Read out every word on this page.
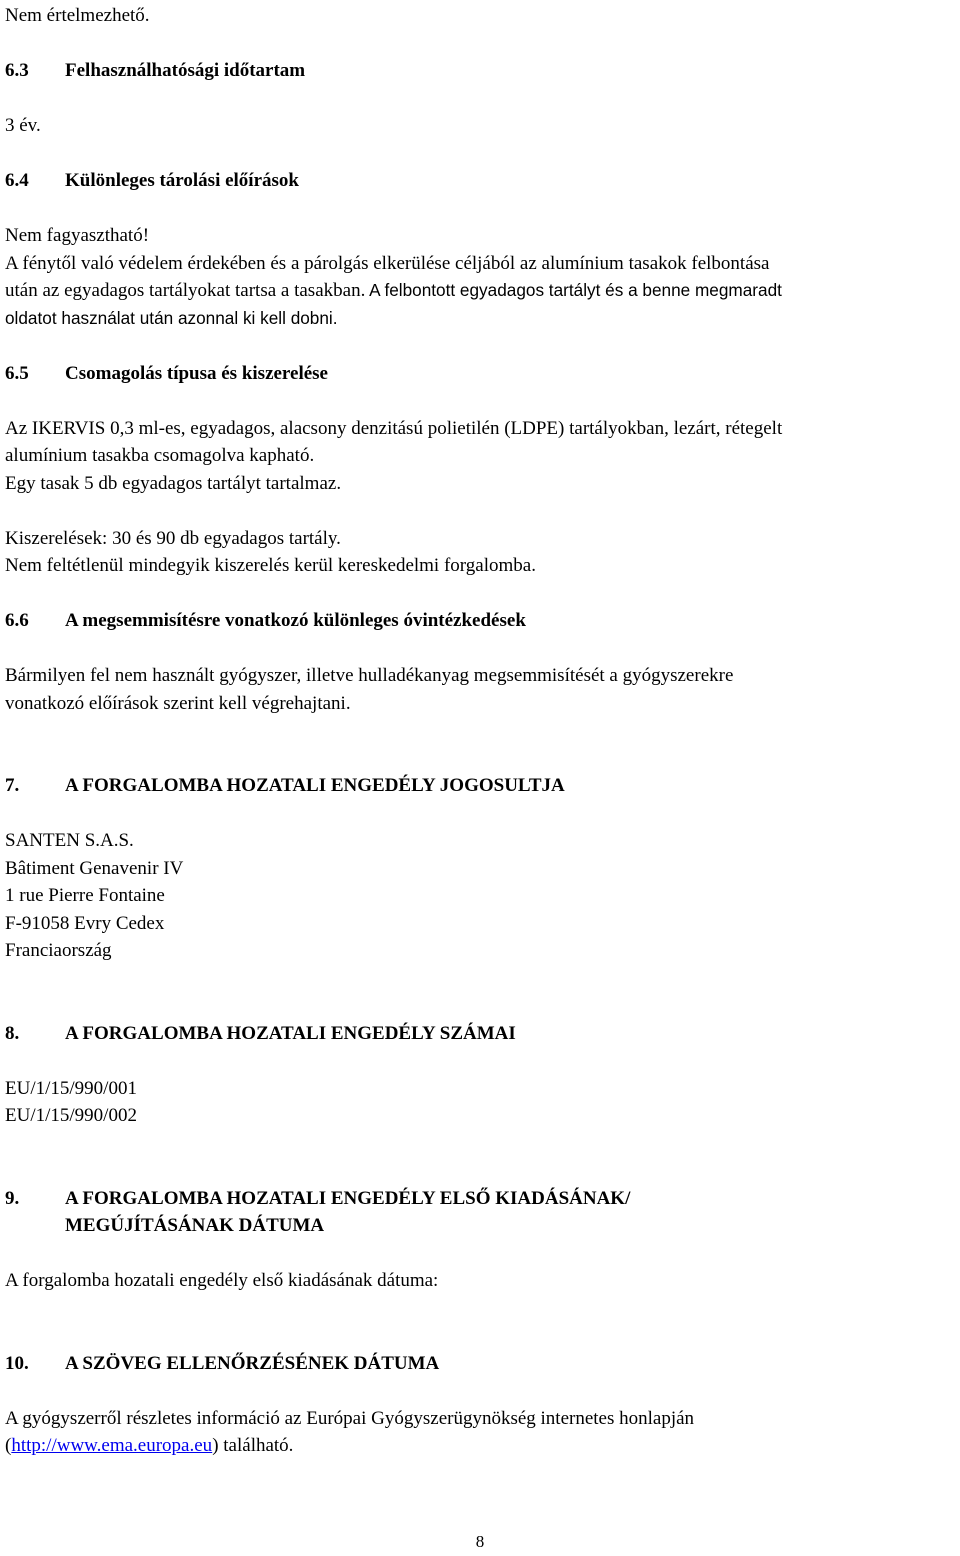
Nem értelmezhető.
6.3	Felhasználhatósági időtartam
3 év.
6.4	Különleges tárolási előírások
Nem fagyasztható!
A fénytől való védelem érdekében és a párolgás elkerülése céljából az alumínium tasakok felbontása
után az egyadagos tartályokat tartsa a tasakban. A felbontott egyadagos tartályt és a benne megmaradt
oldatot használat után azonnal ki kell dobni.
6.5	Csomagolás típusa és kiszerelése
Az IKERVIS 0,3 ml-es, egyadagos, alacsony denzitású polietilén (LDPE) tartályokban, lezárt, rétegelt
alumínium tasakba csomagolva kapható.
Egy tasak 5 db egyadagos tartályt tartalmaz.
Kiszerelések: 30 és 90 db egyadagos tartály.
Nem feltétlenül mindegyik kiszerelés kerül kereskedelmi forgalomba.
6.6	A megsemmisítésre vonatkozó különleges óvintézkedések
Bármilyen fel nem használt gyógyszer, illetve hulladékanyag megsemmisítését a gyógyszerekre
vonatkozó előírások szerint kell végrehajtani.
7.	A FORGALOMBA HOZATALI ENGEDÉLY JOGOSULTJA
SANTEN S.A.S.
Bâtiment Genavenir IV
1 rue Pierre Fontaine
F-91058 Evry Cedex
Franciaország
8.	A FORGALOMBA HOZATALI ENGEDÉLY SZÁMAI
EU/1/15/990/001
EU/1/15/990/002
9.	A FORGALOMBA HOZATALI ENGEDÉLY ELSŐ KIADÁSÁNAK/
MEGÚJÍTÁSÁNAK DÁTUMA
A forgalomba hozatali engedély első kiadásának dátuma:
10.	A SZÖVEG ELLENŐRZÉSÉNEK DÁTUMA
A gyógyszerről részletes információ az Európai Gyógyszerügynökség internetes honlapján
(http://www.ema.europa.eu) található.
8
